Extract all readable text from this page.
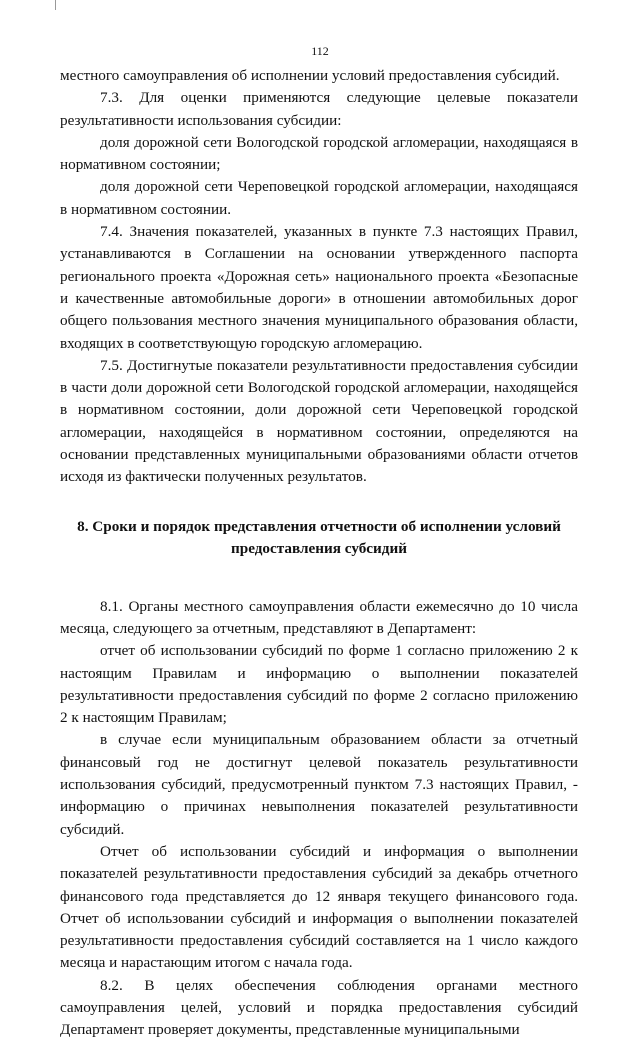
112

местного самоуправления об исполнении условий предоставления субсидий.

7.3. Для оценки применяются следующие целевые показатели результативности использования субсидии:

доля дорожной сети Вологодской городской агломерации, находящаяся в нормативном состоянии;

доля дорожной сети Череповецкой городской агломерации, находящаяся в нормативном состоянии.

7.4. Значения показателей, указанных в пункте 7.3 настоящих Правил, устанавливаются в Соглашении на основании утвержденного паспорта регионального проекта «Дорожная сеть» национального проекта «Безопасные и качественные автомобильные дороги» в отношении автомобильных дорог общего пользования местного значения муниципального образования области, входящих в соответствующую городскую агломерацию.

7.5. Достигнутые показатели результативности предоставления субсидии в части доли дорожной сети Вологодской городской агломерации, находящейся в нормативном состоянии, доли дорожной сети Череповецкой городской агломерации, находящейся в нормативном состоянии, определяются на основании представленных муниципальными образованиями области отчетов исходя из фактически полученных результатов.

8. Сроки и порядок представления отчетности об исполнении условий
предоставления субсидий

8.1. Органы местного самоуправления области ежемесячно до 10 числа месяца, следующего за отчетным, представляют в Департамент:

отчет об использовании субсидий по форме 1 согласно приложению 2 к настоящим Правилам и информацию о выполнении показателей результативности предоставления субсидий по форме 2 согласно приложению 2 к настоящим Правилам;

в случае если муниципальным образованием области за отчетный финансовый год не достигнут целевой показатель результативности использования субсидий, предусмотренный пунктом 7.3 настоящих Правил, - информацию о причинах невыполнения показателей результативности субсидий.

Отчет об использовании субсидий и информация о выполнении показателей результативности предоставления субсидий за декабрь отчетного финансового года представляется до 12 января текущего финансового года. Отчет об использовании субсидий и информация о выполнении показателей результативности предоставления субсидий составляется на 1 число каждого месяца и нарастающим итогом с начала года.

8.2. В целях обеспечения соблюдения органами местного самоуправления целей, условий и порядка предоставления субсидий Департамент проверяет документы, представленные муниципальными
